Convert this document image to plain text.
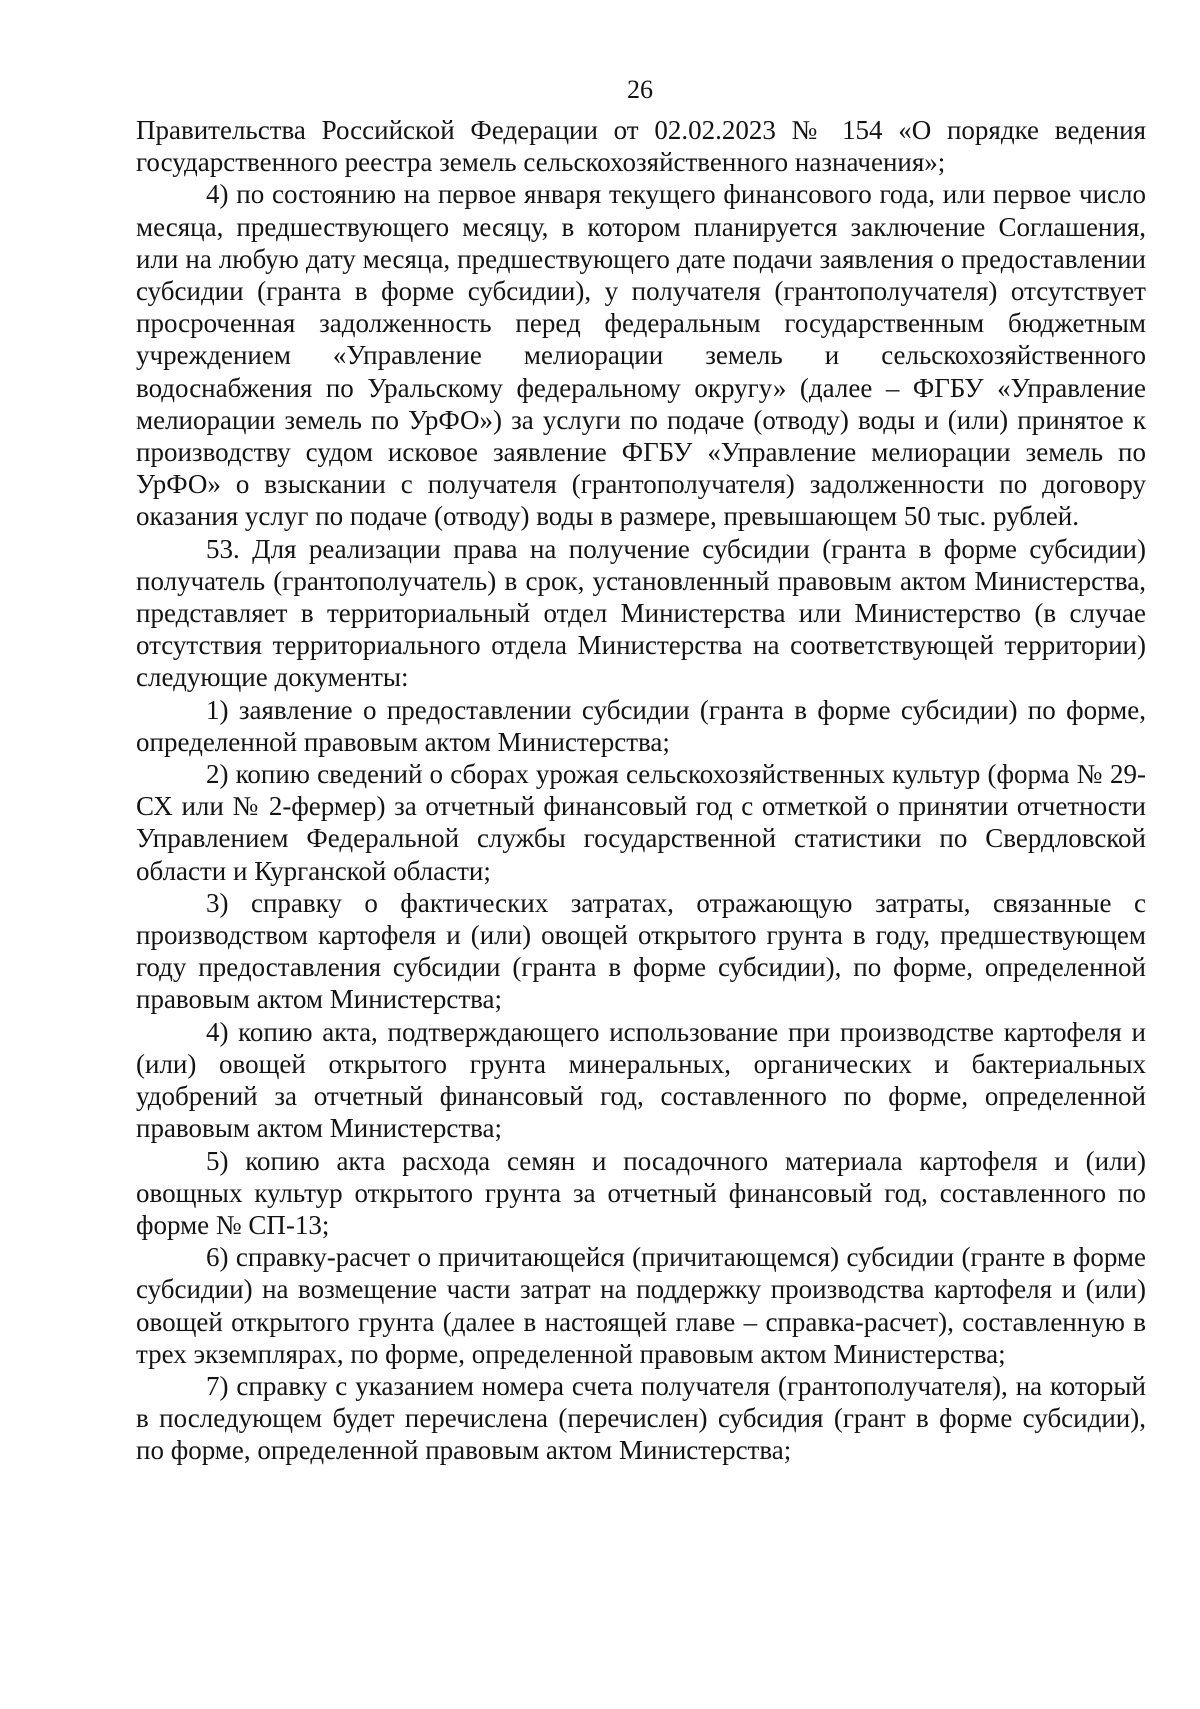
26

Правительства Российской Федерации от 02.02.2023 № 154 «О порядке ведения государственного реестра земель сельскохозяйственного назначения»;

4) по состоянию на первое января текущего финансового года, или первое число месяца, предшествующего месяцу, в котором планируется заключение Соглашения, или на любую дату месяца, предшествующего дате подачи заявления о предоставлении субсидии (гранта в форме субсидии), у получателя (грантополучателя) отсутствует просроченная задолженность перед федеральным государственным бюджетным учреждением «Управление мелиорации земель и сельскохозяйственного водоснабжения по Уральскому федеральному округу» (далее – ФГБУ «Управление мелиорации земель по УрФО») за услуги по подаче (отводу) воды и (или) принятое к производству судом исковое заявление ФГБУ «Управление мелиорации земель по УрФО» о взыскании с получателя (грантополучателя) задолженности по договору оказания услуг по подаче (отводу) воды в размере, превышающем 50 тыс. рублей.

53. Для реализации права на получение субсидии (гранта в форме субсидии) получатель (грантополучатель) в срок, установленный правовым актом Министерства, представляет в территориальный отдел Министерства или Министерство (в случае отсутствия территориального отдела Министерства на соответствующей территории) следующие документы:

1) заявление о предоставлении субсидии (гранта в форме субсидии) по форме, определенной правовым актом Министерства;

2) копию сведений о сборах урожая сельскохозяйственных культур (форма № 29-СХ или № 2-фермер) за отчетный финансовый год с отметкой о принятии отчетности Управлением Федеральной службы государственной статистики по Свердловской области и Курганской области;

3) справку о фактических затратах, отражающую затраты, связанные с производством картофеля и (или) овощей открытого грунта в году, предшествующем году предоставления субсидии (гранта в форме субсидии), по форме, определенной правовым актом Министерства;

4) копию акта, подтверждающего использование при производстве картофеля и (или) овощей открытого грунта минеральных, органических и бактериальных удобрений за отчетный финансовый год, составленного по форме, определенной правовым актом Министерства;

5) копию акта расхода семян и посадочного материала картофеля и (или) овощных культур открытого грунта за отчетный финансовый год, составленного по форме № СП-13;

6) справку-расчет о причитающейся (причитающемся) субсидии (гранте в форме субсидии) на возмещение части затрат на поддержку производства картофеля и (или) овощей открытого грунта (далее в настоящей главе – справка-расчет), составленную в трех экземплярах, по форме, определенной правовым актом Министерства;

7) справку с указанием номера счета получателя (грантополучателя), на который в последующем будет перечислена (перечислен) субсидия (грант в форме субсидии), по форме, определенной правовым актом Министерства;
